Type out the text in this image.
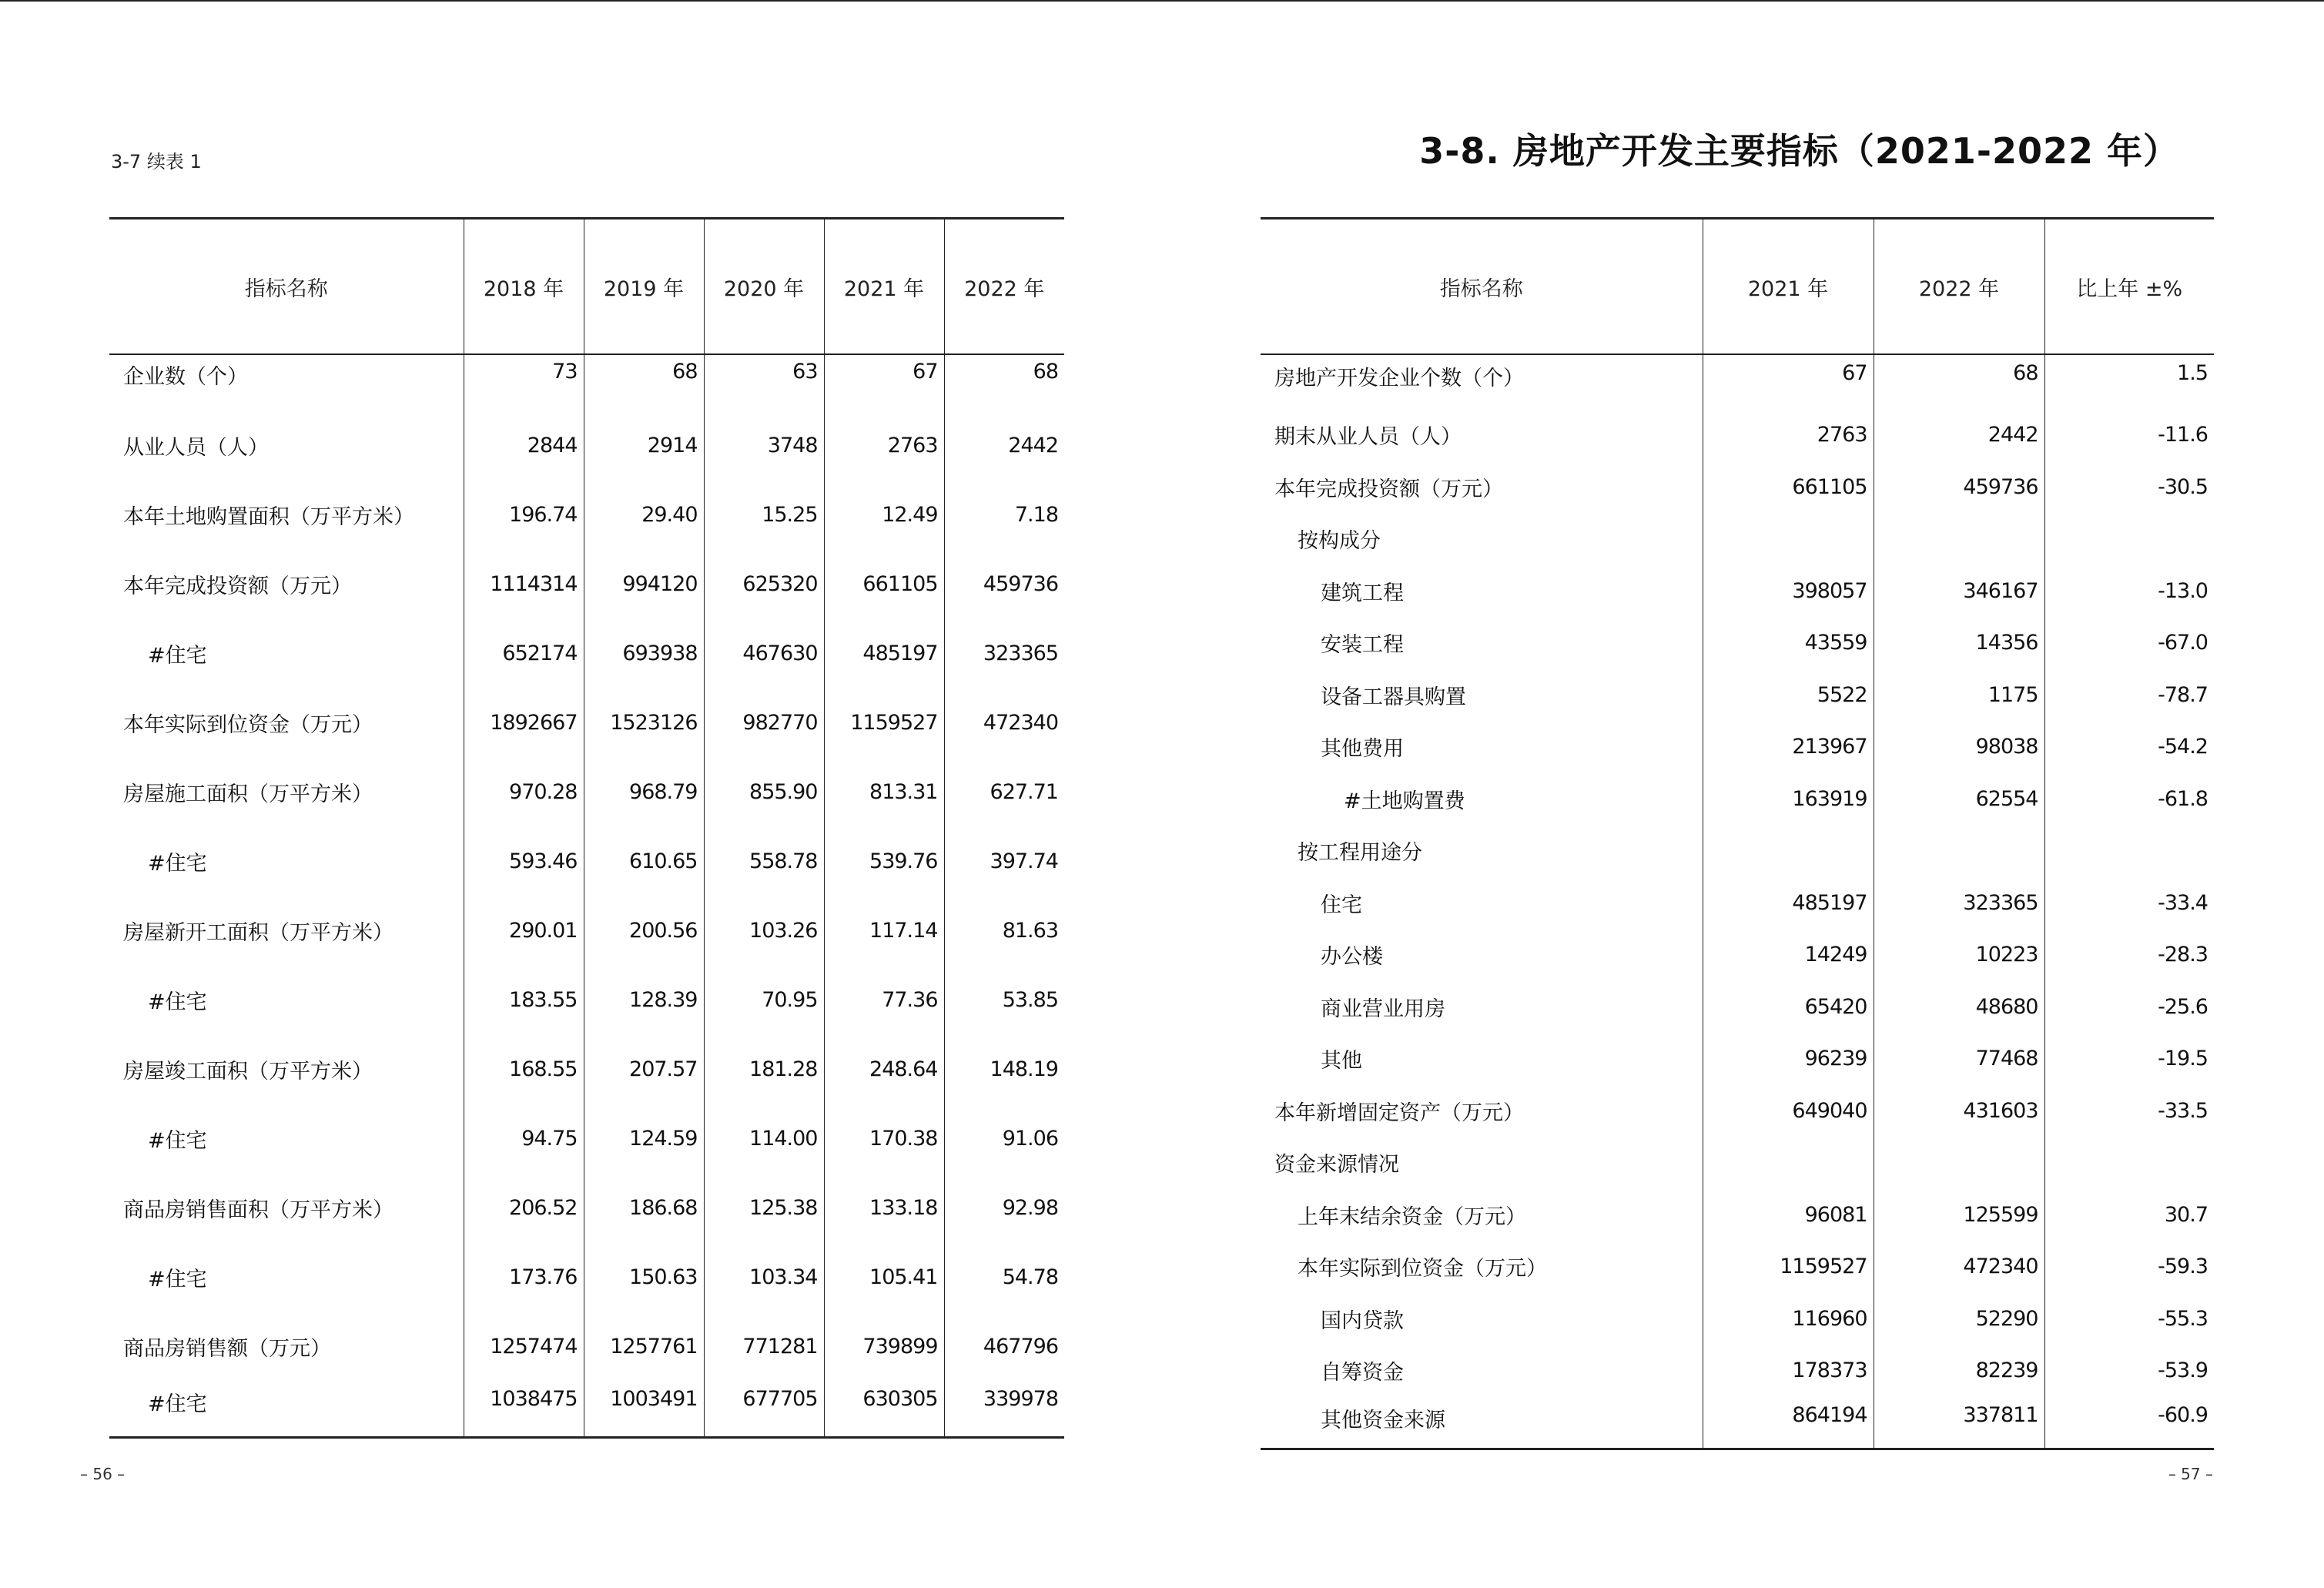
3-7 续表 1
指标名称	2018 年	2019 年	2020 年	2021 年	2022 年
企业数（个）	73	68	63	67	68
从业人员（人）	2844	2914	3748	2763	2442
本年土地购置面积（万平方米）	196.74	29.40	15.25	12.49	7.18
本年完成投资额（万元）	1114314	994120	625320	661105	459736
#住宅	652174	693938	467630	485197	323365
本年实际到位资金（万元）	1892667	1523126	982770	1159527	472340
房屋施工面积（万平方米）	970.28	968.79	855.90	813.31	627.71
#住宅	593.46	610.65	558.78	539.76	397.74
房屋新开工面积（万平方米）	290.01	200.56	103.26	117.14	81.63
#住宅	183.55	128.39	70.95	77.36	53.85
房屋竣工面积（万平方米）	168.55	207.57	181.28	248.64	148.19
#住宅	94.75	124.59	114.00	170.38	91.06
商品房销售面积（万平方米）	206.52	186.68	125.38	133.18	92.98
#住宅	173.76	150.63	103.34	105.41	54.78
商品房销售额（万元）	1257474	1257761	771281	739899	467796
#住宅	1038475	1003491	677705	630305	339978
– 56 –
3-8. 房地产开发主要指标（2021-2022 年）
指标名称	2021 年	2022 年	比上年 ±%
房地产开发企业个数（个）	67	68	1.5
期末从业人员（人）	2763	2442	-11.6
本年完成投资额（万元）	661105	459736	-30.5
按构成分			
建筑工程	398057	346167	-13.0
安装工程	43559	14356	-67.0
设备工器具购置	5522	1175	-78.7
其他费用	213967	98038	-54.2
#土地购置费	163919	62554	-61.8
按工程用途分			
住宅	485197	323365	-33.4
办公楼	14249	10223	-28.3
商业营业用房	65420	48680	-25.6
其他	96239	77468	-19.5
本年新增固定资产（万元）	649040	431603	-33.5
资金来源情况			
上年末结余资金（万元）	96081	125599	30.7
本年实际到位资金（万元）	1159527	472340	-59.3
国内贷款	116960	52290	-55.3
自筹资金	178373	82239	-53.9
其他资金来源	864194	337811	-60.9
– 57 –
